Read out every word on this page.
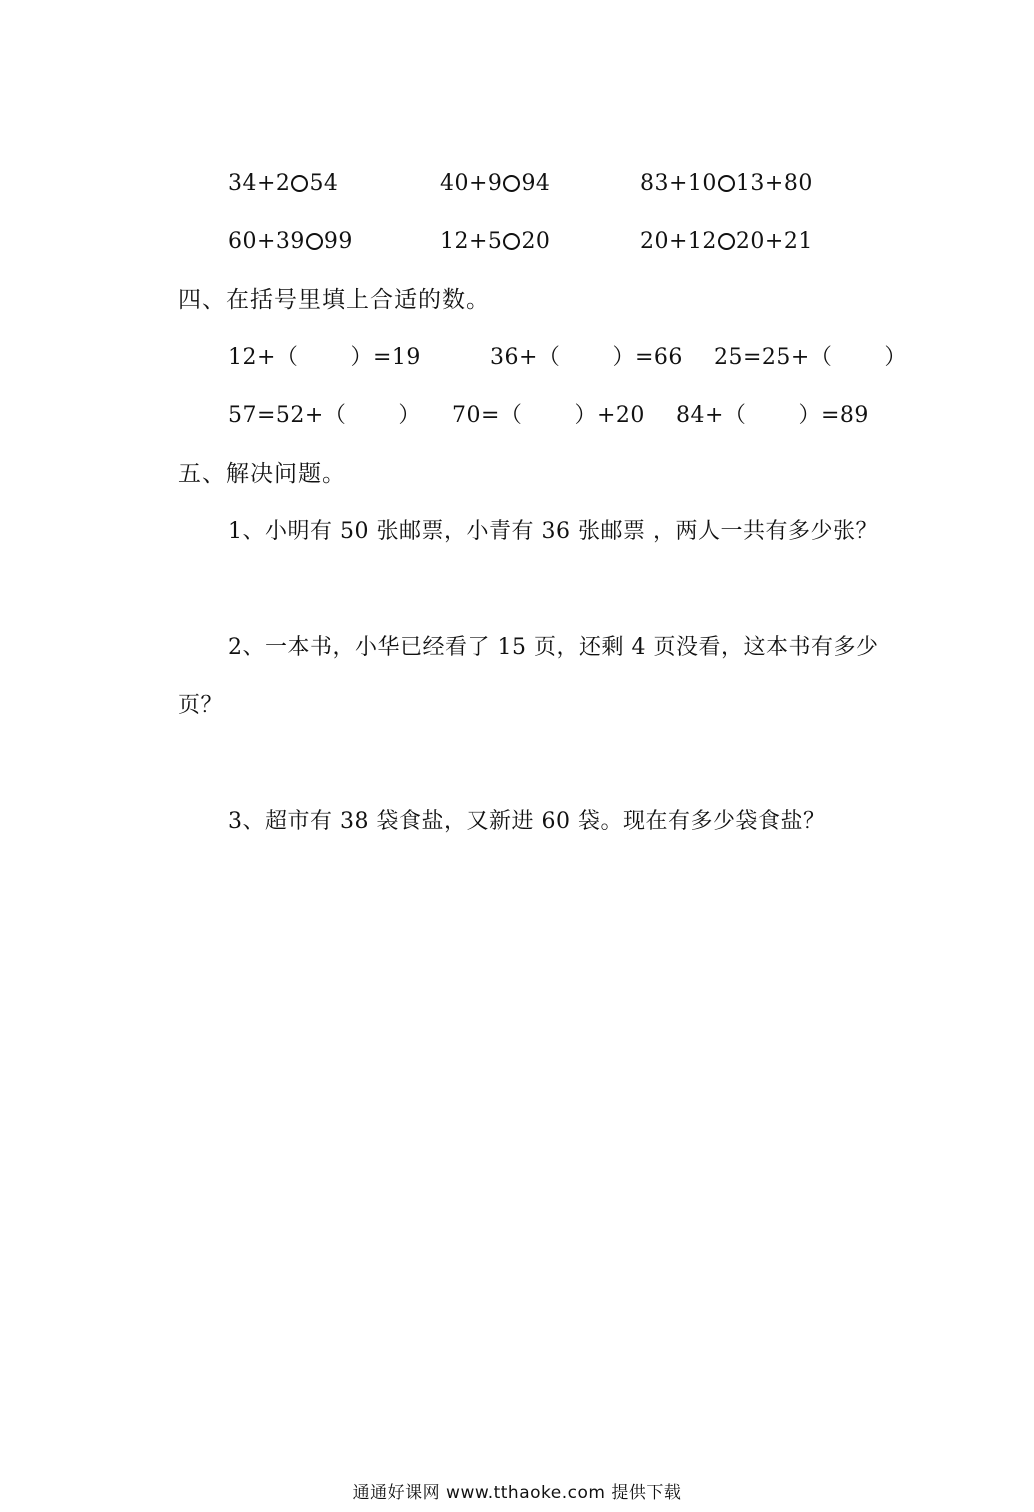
34+2 54	40+9 94	83+10 13+80
60+39 99	12+5 20	20+12 20+21
四、在括号里填上合适的数。
12+（ ）=19	36+（ ）=66 25=25+（ ）
57=52+（ ） 70=（ ）+20 84+（ ）=89
五、解决问题。
1、小明有 50 张邮票，小青有 36 张邮票 ，两人一共有多少张？
2、一本书，小华已经看了 15 页，还剩 4 页没看，这本书有多少
页？
3、超市有 38 袋食盐，又新进 60 袋。现在有多少袋食盐？
通通好课网 www.tthaoke.com 提供下载
